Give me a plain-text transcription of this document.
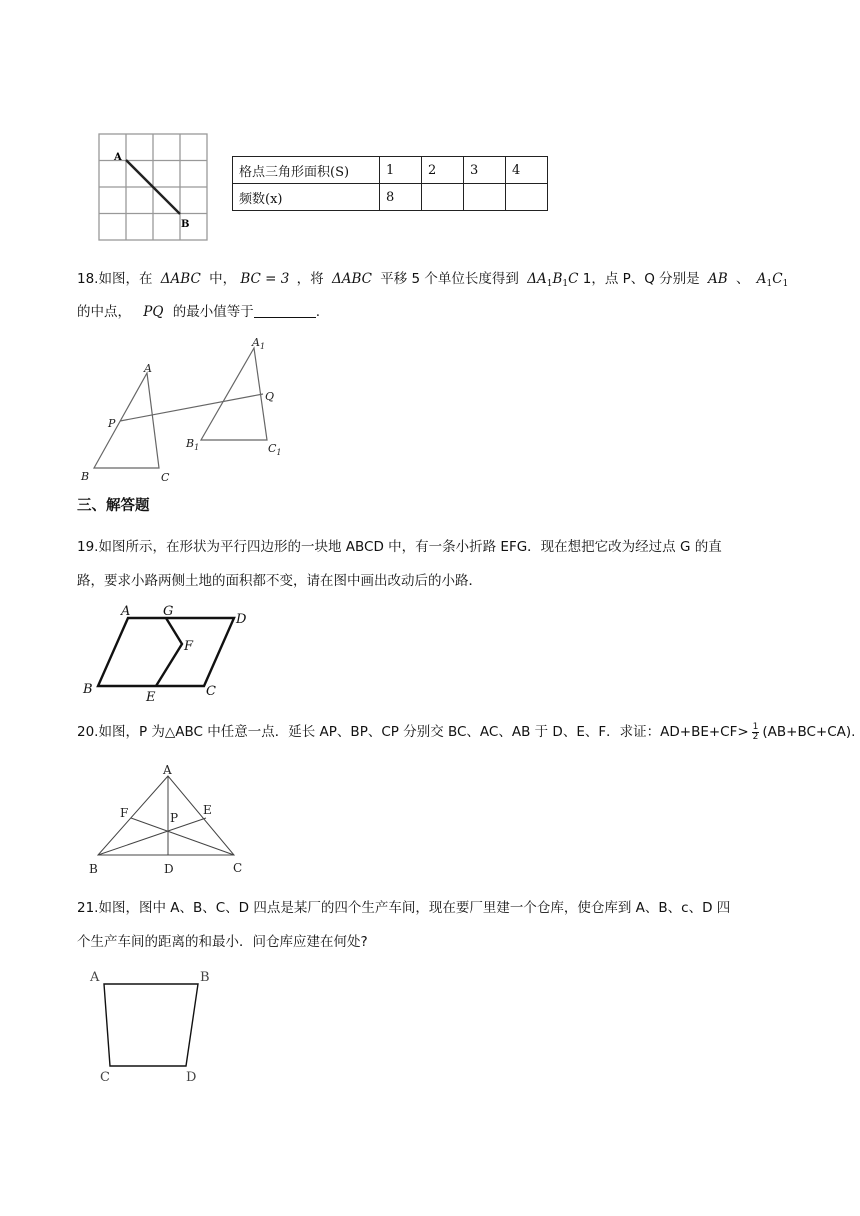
A
B
格点三角形面积(S)	1	2	3	4
频数(x)	8			
18.如图，在 ΔABC 中， BC = 3 ，将 ΔABC 平移 5 个单位长度得到 $\Delta A_1B_1C$ 1，点 P、Q 分别是 AB 、 $A_1C_1$
的中点， PQ 的最小值等于	.
A
P
B	C
Q
$A_1$
$B_1$	$C_1$
三、解答题
19.如图所示，在形状为平行四边形的一块地 ABCD 中，有一条小折路 EFG．现在想把它改为经过点 G 的直
路，要求小路两侧土地的面积都不变，请在图中画出改动后的小路．
A	G
D
F
B
E	C
20.如图，P 为△ABC 中任意一点．延长 AP、BP、CP 分别交 BC、AC、AB 于 D、E、F．求证：$AD+BE+CF> \frac{1}{2} (AB+BC+CA)$.
A
F	P
E
B	D	C
21.如图，图中 A、B、C、D 四点是某厂的四个生产车间，现在要厂里建一个仓库，使仓库到 A、B、c、D 四
个生产车间的距离的和最小．问仓库应建在何处?
A	B
C	D
